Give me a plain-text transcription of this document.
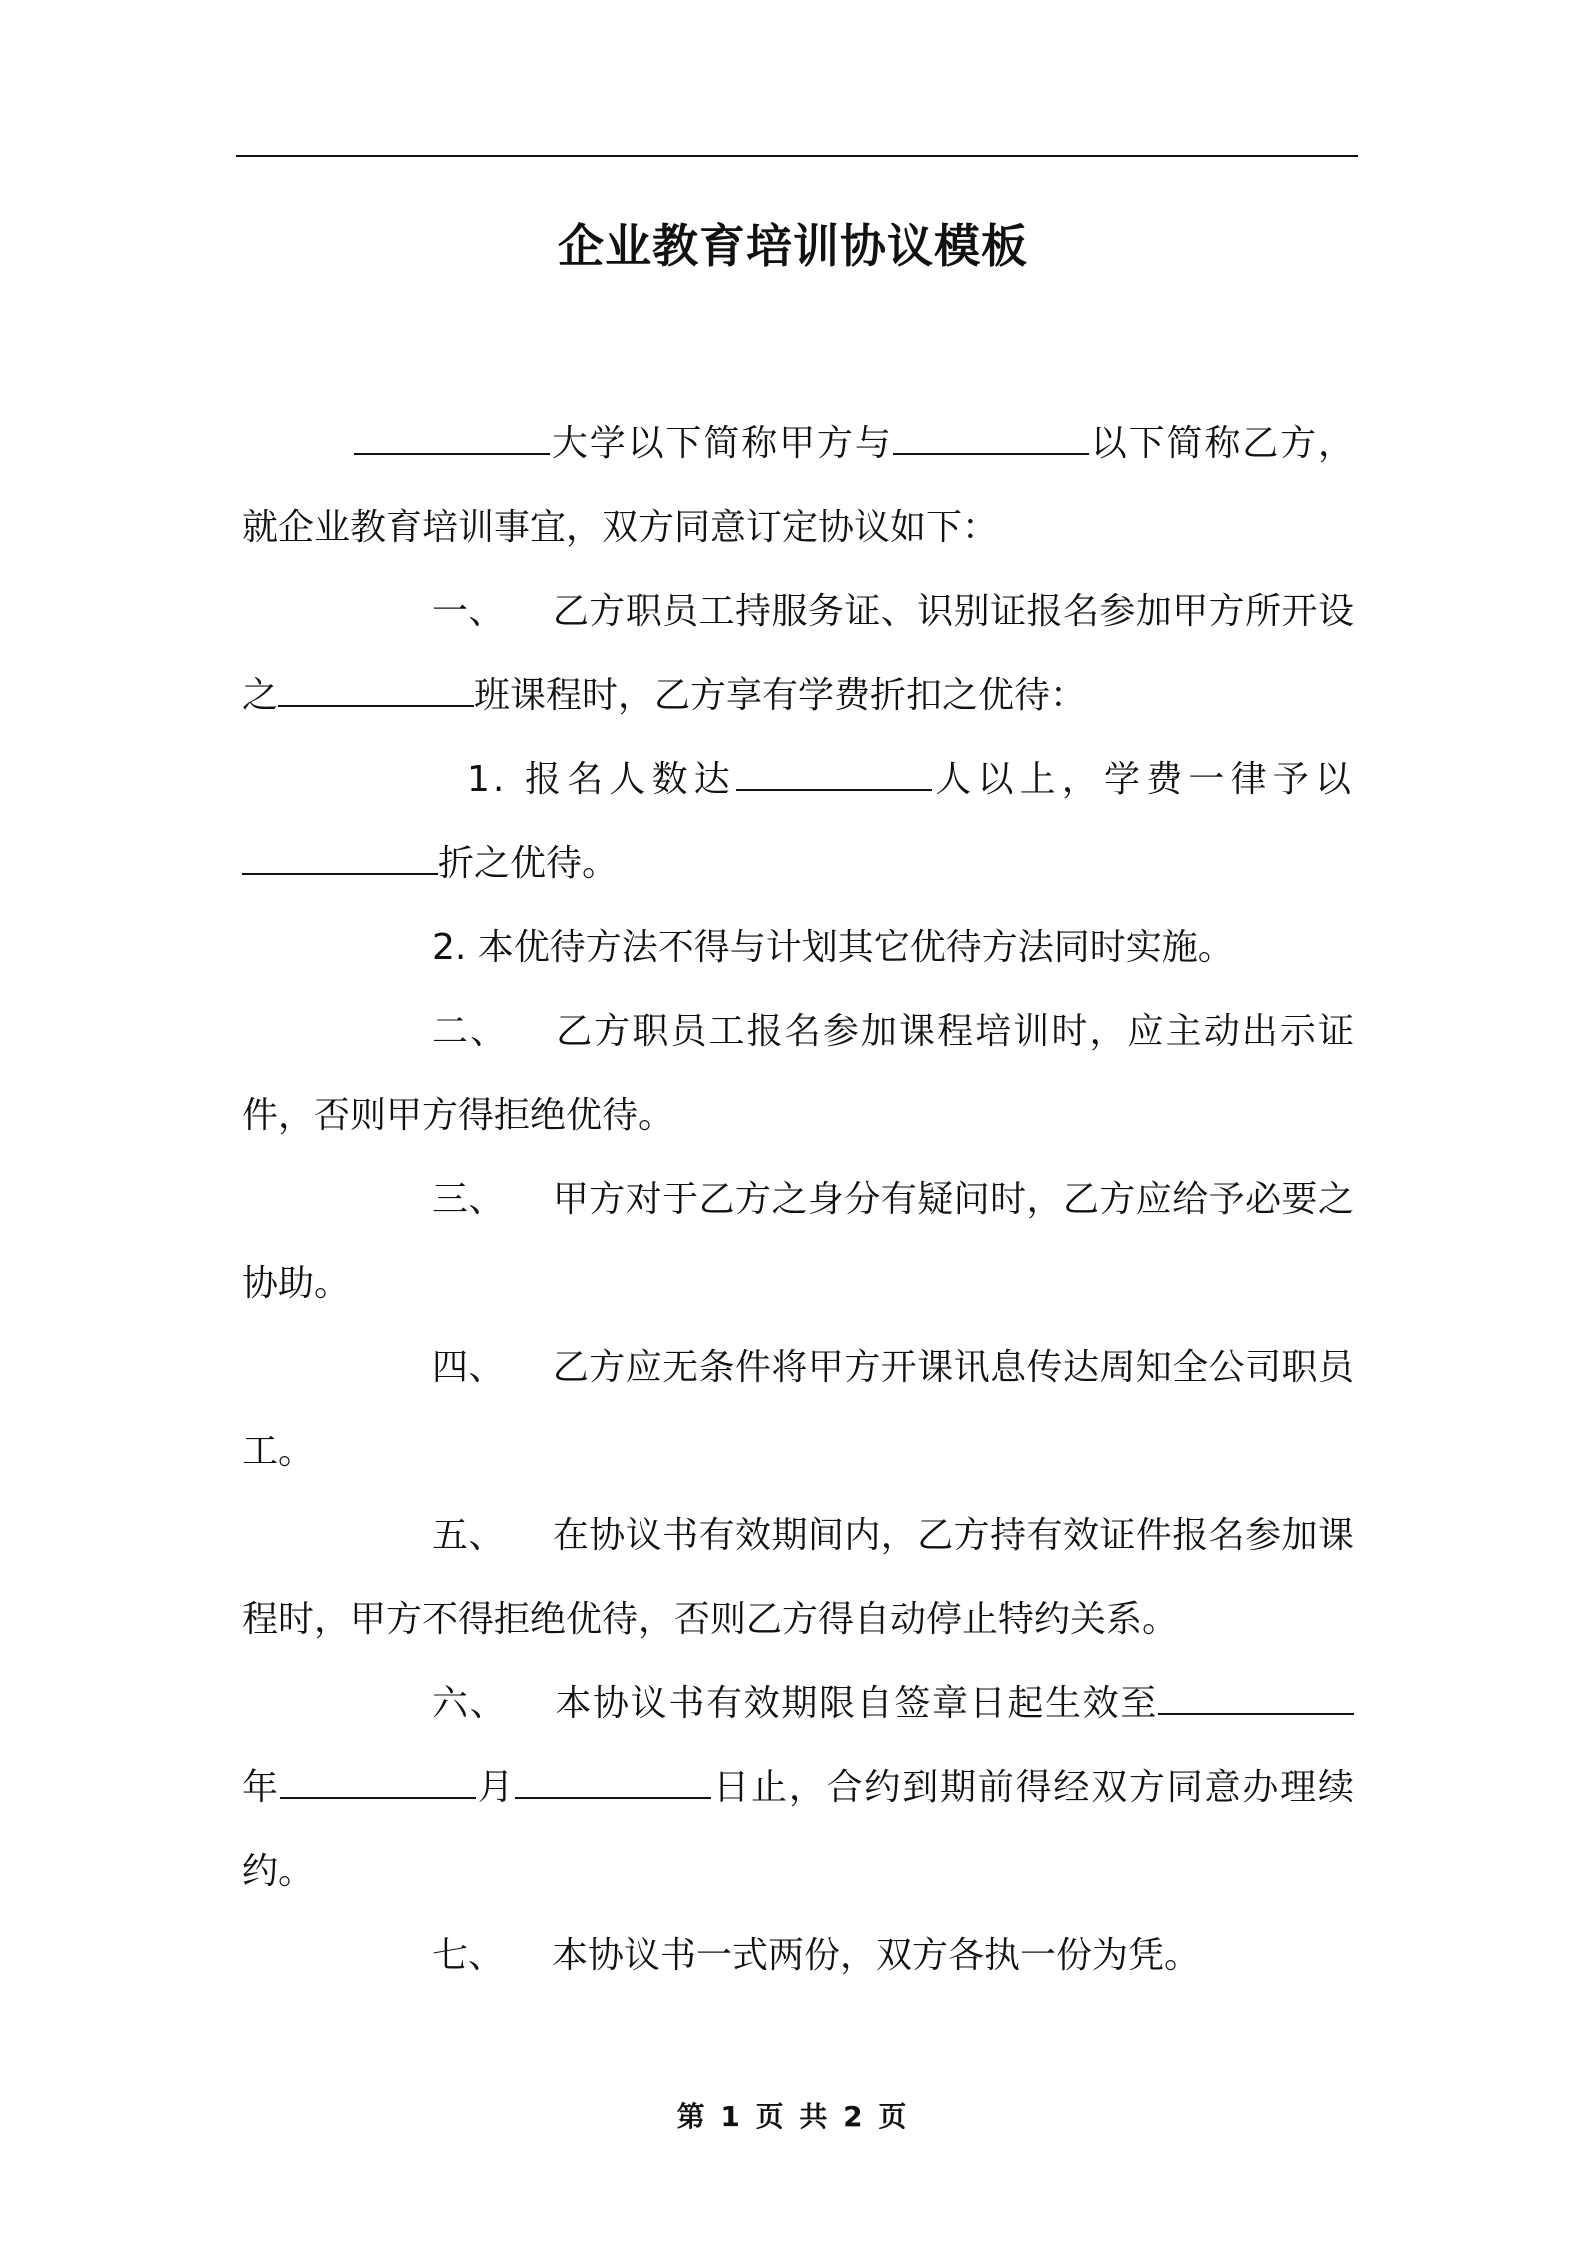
企业教育培训协议模板

大学以下简称甲方与	以下简称乙方，就企业教育培训事宜，双方同意订定协议如下：

一、 乙方职员工持服务证、识别证报名参加甲方所开设之	班课程时，乙方享有学费折扣之优待：

1. 报名人数达	人以上，学费一律予以折之优待。

2. 本优待方法不得与计划其它优待方法同时实施。

二、 乙方职员工报名参加课程培训时，应主动出示证件，否则甲方得拒绝优待。

三、 甲方对于乙方之身分有疑问时，乙方应给予必要之协助。

四、 乙方应无条件将甲方开课讯息传达周知全公司职员工。

五、 在协议书有效期间内，乙方持有效证件报名参加课程时，甲方不得拒绝优待，否则乙方得自动停止特约关系。

六、 本协议书有效期限自签章日起生效至年	月	日止，合约到期前得经双方同意办理续约。

七、 本协议书一式两份，双方各执一份为凭。

第 1 页 共 2 页
